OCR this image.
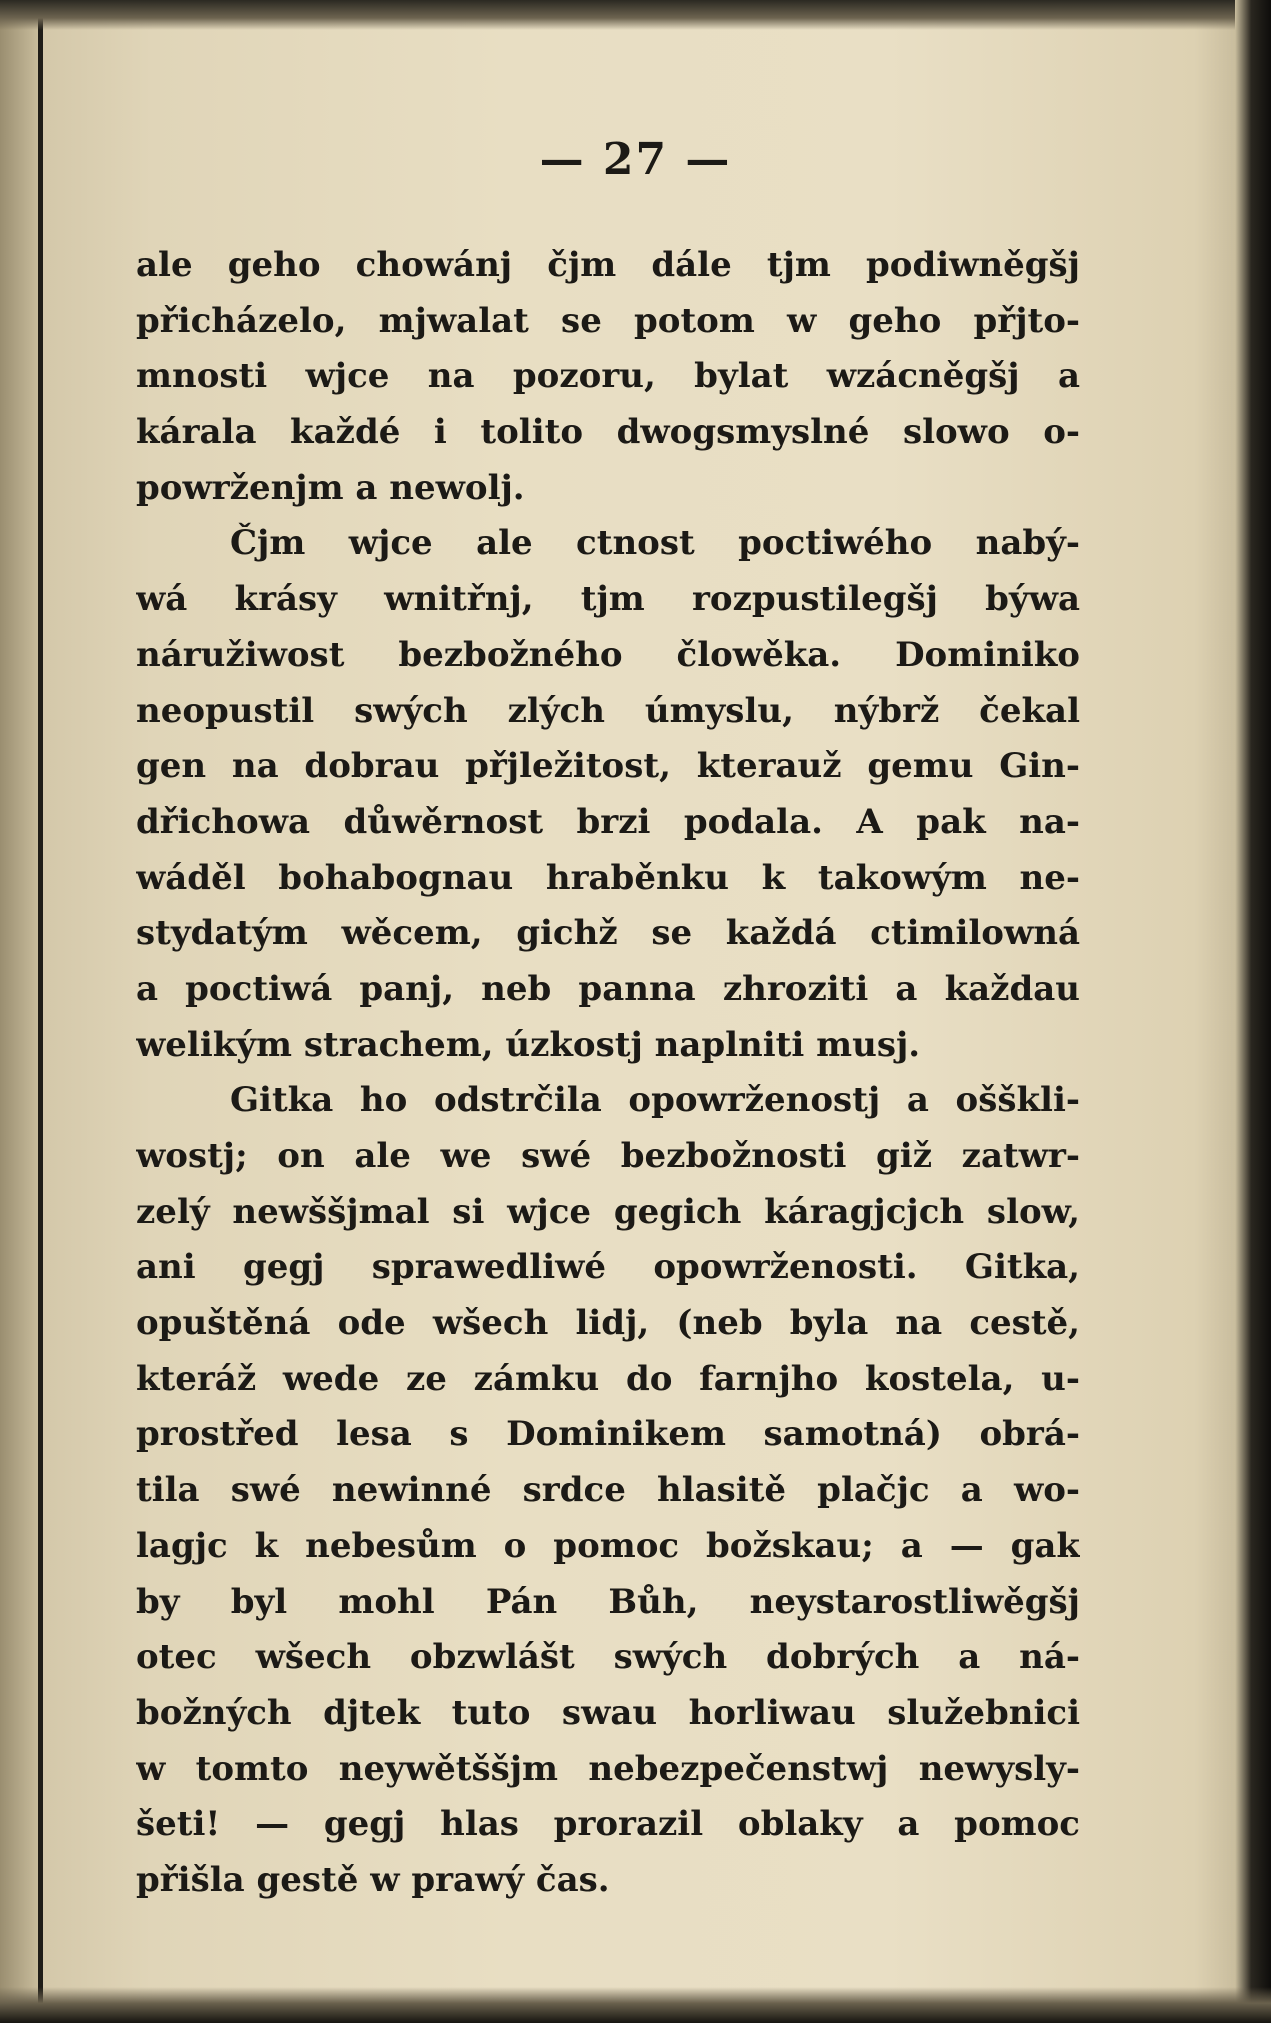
— 27 —
ale geho chowánj čjm dále tjm podiwněgšj
přicházelo, mjwalat se potom w geho přjto-
mnosti wjce na pozoru, bylat wzácněgšj a
kárala každé i tolito dwogsmyslné slowo o-
powrženjm a newolj.
Čjm wjce ale ctnost poctiwého nabý-
wá krásy wnitřnj, tjm rozpustilegšj býwa
náružiwost bezbožného člowěka. Dominiko
neopustil swých zlých úmyslu, nýbrž čekal
gen na dobrau přjležitost, kterauž gemu Gin-
dřichowa důwěrnost brzi podala. A pak na-
wáděl bohabognau hraběnku k takowým ne-
stydatým wěcem, gichž se každá ctimilowná
a poctiwá panj, neb panna zhroziti a každau
welikým strachem, úzkostj naplniti musj.
Gitka ho odstrčila opowrženostj a ošškli-
wostj; on ale we swé bezbožnosti giž zatwr-
zelý newššjmal si wjce gegich káragjcjch slow,
ani gegj sprawedliwé opowrženosti. Gitka,
opuštěná ode wšech lidj, (neb byla na cestě,
kteráž wede ze zámku do farnjho kostela, u-
prostřed lesa s Dominikem samotná) obrá-
tila swé newinné srdce hlasitě plačjc a wo-
lagjc k nebesům o pomoc božskau; a — gak
by byl mohl Pán Bůh, neystarostliwěgšj
otec wšech obzwlášt swých dobrých a ná-
božných djtek tuto swau horliwau služebnici
w tomto neywětššjm nebezpečenstwj newysly-
šeti! — gegj hlas prorazil oblaky a pomoc
přišla gestě w prawý čas.
